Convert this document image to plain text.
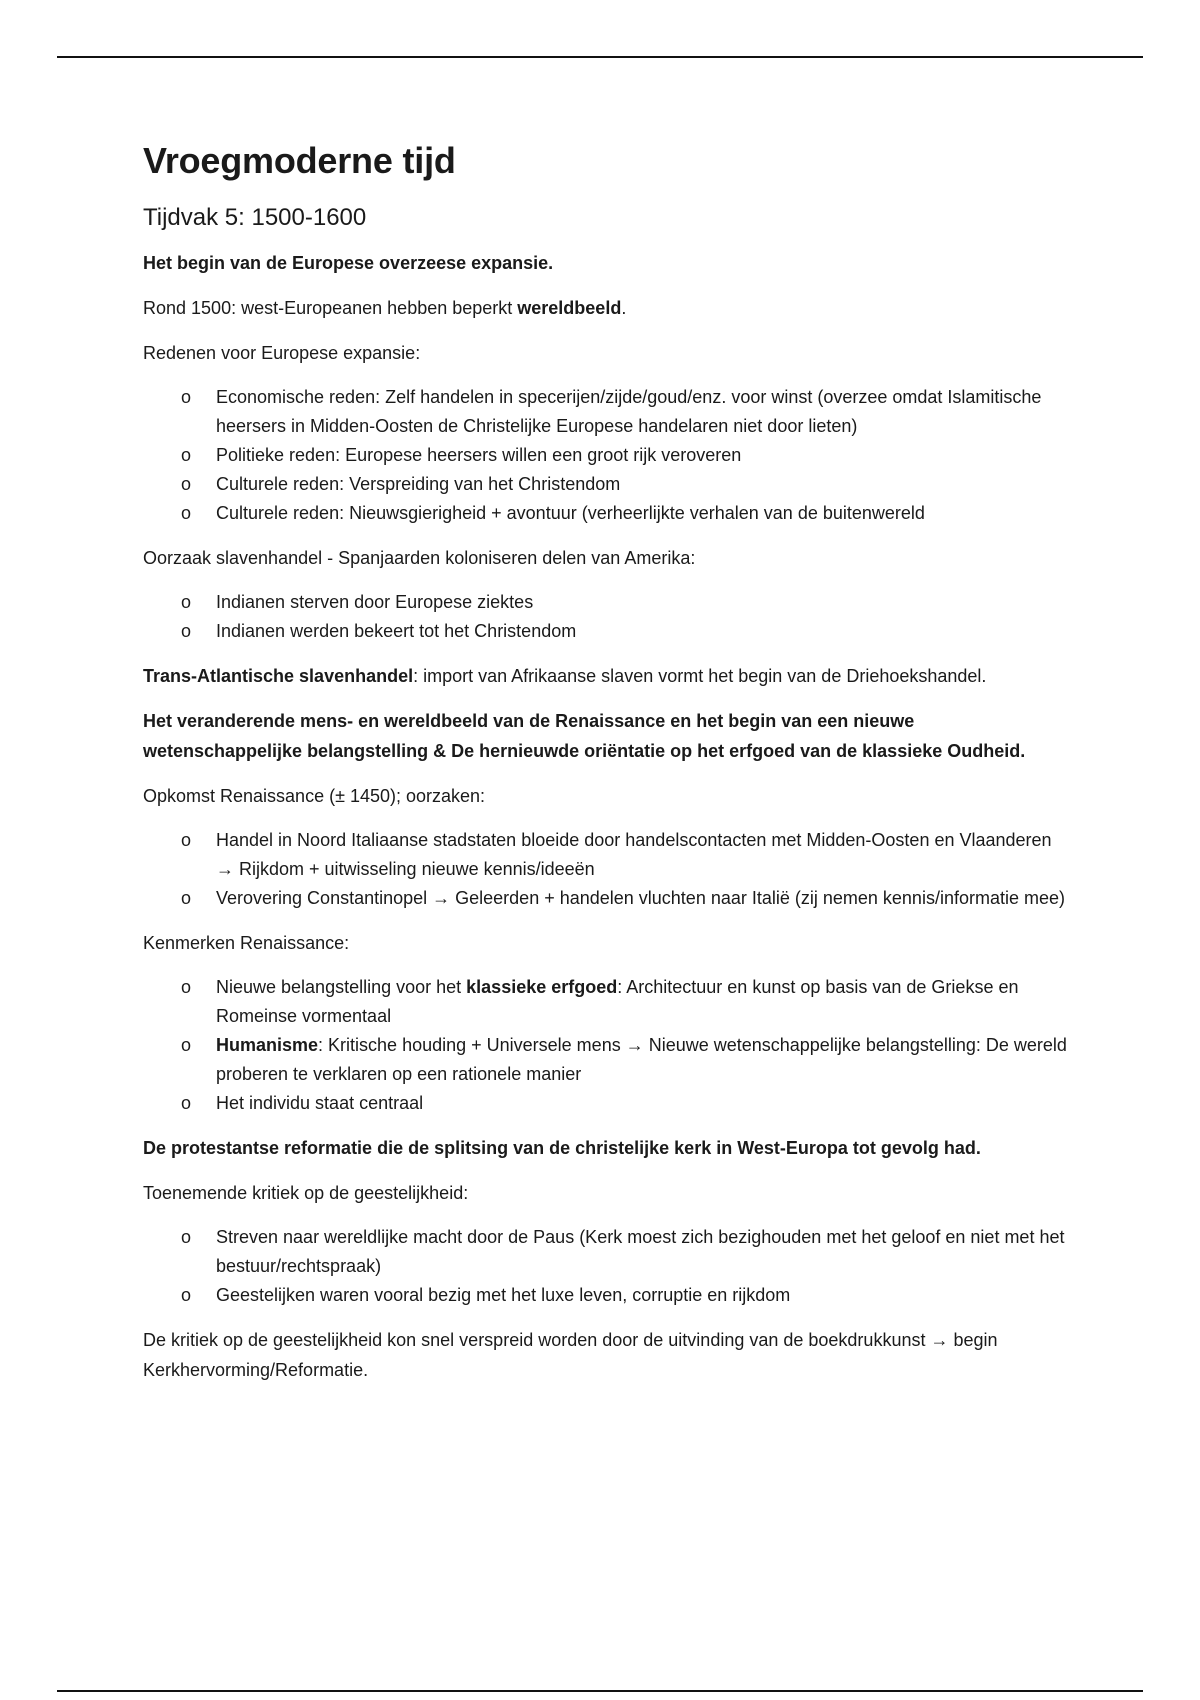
Vroegmoderne tijd
Tijdvak 5: 1500-1600

Het begin van de Europese overzeese expansie.

Rond 1500: west-Europeanen hebben beperkt wereldbeeld.

Redenen voor Europese expansie:

o Economische reden: Zelf handelen in specerijen/zijde/goud/enz. voor winst (overzee omdat Islamitische heersers in Midden-Oosten de Christelijke Europese handelaren niet door lieten)
o Politieke reden: Europese heersers willen een groot rijk veroveren
o Culturele reden: Verspreiding van het Christendom
o Culturele reden: Nieuwsgierigheid + avontuur (verheerlijkte verhalen van de buitenwereld

Oorzaak slavenhandel - Spanjaarden koloniseren delen van Amerika:

o Indianen sterven door Europese ziektes
o Indianen werden bekeert tot het Christendom

Trans-Atlantische slavenhandel: import van Afrikaanse slaven vormt het begin van de Driehoekshandel.

Het veranderende mens- en wereldbeeld van de Renaissance en het begin van een nieuwe wetenschappelijke belangstelling & De hernieuwde oriëntatie op het erfgoed van de klassieke Oudheid.

Opkomst Renaissance (± 1450); oorzaken:

o Handel in Noord Italiaanse stadstaten bloeide door handelscontacten met Midden-Oosten en Vlaanderen → Rijkdom + uitwisseling nieuwe kennis/ideeën
o Verovering Constantinopel → Geleerden + handelen vluchten naar Italië (zij nemen kennis/informatie mee)

Kenmerken Renaissance:

o Nieuwe belangstelling voor het klassieke erfgoed: Architectuur en kunst op basis van de Griekse en Romeinse vormentaal
o Humanisme: Kritische houding + Universele mens → Nieuwe wetenschappelijke belangstelling: De wereld proberen te verklaren op een rationele manier
o Het individu staat centraal

De protestantse reformatie die de splitsing van de christelijke kerk in West-Europa tot gevolg had.

Toenemende kritiek op de geestelijkheid:

o Streven naar wereldlijke macht door de Paus (Kerk moest zich bezighouden met het geloof en niet met het bestuur/rechtspraak)
o Geestelijken waren vooral bezig met het luxe leven, corruptie en rijkdom

De kritiek op de geestelijkheid kon snel verspreid worden door de uitvinding van de boekdrukkunst → begin Kerkhervorming/Reformatie.
